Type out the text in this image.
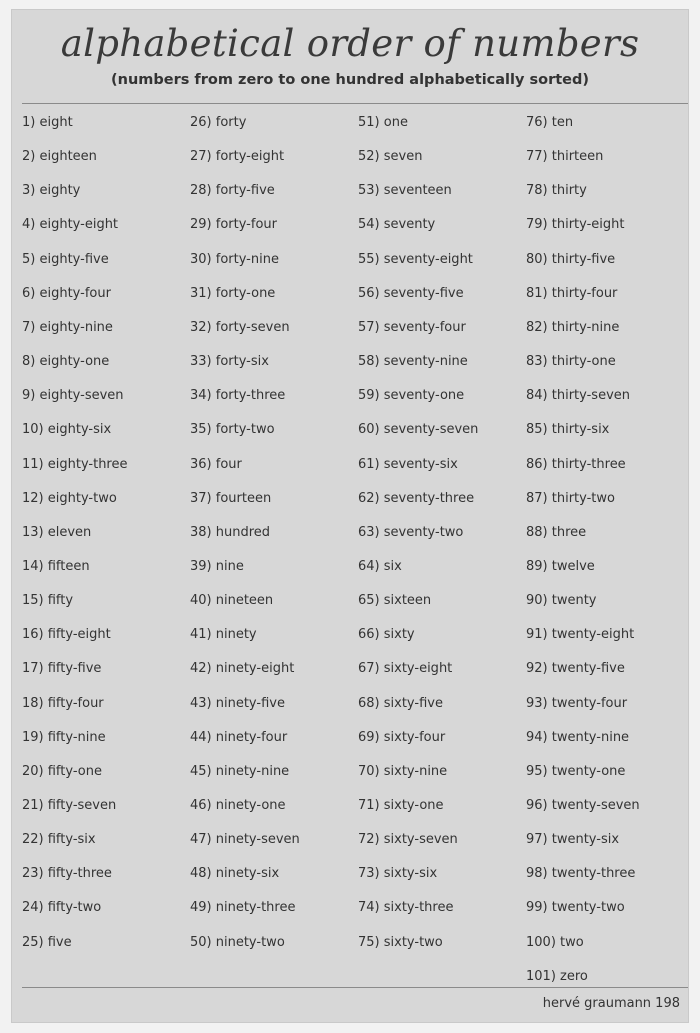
alphabetical order of numbers
(numbers from zero to one hundred alphabetically sorted)
1) eight
2) eighteen
3) eighty
4) eighty-eight
5) eighty-five
6) eighty-four
7) eighty-nine
8) eighty-one
9) eighty-seven
10) eighty-six
11) eighty-three
12) eighty-two
13) eleven
14) fifteen
15) fifty
16) fifty-eight
17) fifty-five
18) fifty-four
19) fifty-nine
20) fifty-one
21) fifty-seven
22) fifty-six
23) fifty-three
24) fifty-two
25) five
26) forty
27) forty-eight
28) forty-five
29) forty-four
30) forty-nine
31) forty-one
32) forty-seven
33) forty-six
34) forty-three
35) forty-two
36) four
37) fourteen
38) hundred
39) nine
40) nineteen
41) ninety
42) ninety-eight
43) ninety-five
44) ninety-four
45) ninety-nine
46) ninety-one
47) ninety-seven
48) ninety-six
49) ninety-three
50) ninety-two
51) one
52) seven
53) seventeen
54) seventy
55) seventy-eight
56) seventy-five
57) seventy-four
58) seventy-nine
59) seventy-one
60) seventy-seven
61) seventy-six
62) seventy-three
63) seventy-two
64) six
65) sixteen
66) sixty
67) sixty-eight
68) sixty-five
69) sixty-four
70) sixty-nine
71) sixty-one
72) sixty-seven
73) sixty-six
74) sixty-three
75) sixty-two
76) ten
77) thirteen
78) thirty
79) thirty-eight
80) thirty-five
81) thirty-four
82) thirty-nine
83) thirty-one
84) thirty-seven
85) thirty-six
86) thirty-three
87) thirty-two
88) three
89) twelve
90) twenty
91) twenty-eight
92) twenty-five
93) twenty-four
94) twenty-nine
95) twenty-one
96) twenty-seven
97) twenty-six
98) twenty-three
99) twenty-two
100) two
101) zero
hervé graumann 198
